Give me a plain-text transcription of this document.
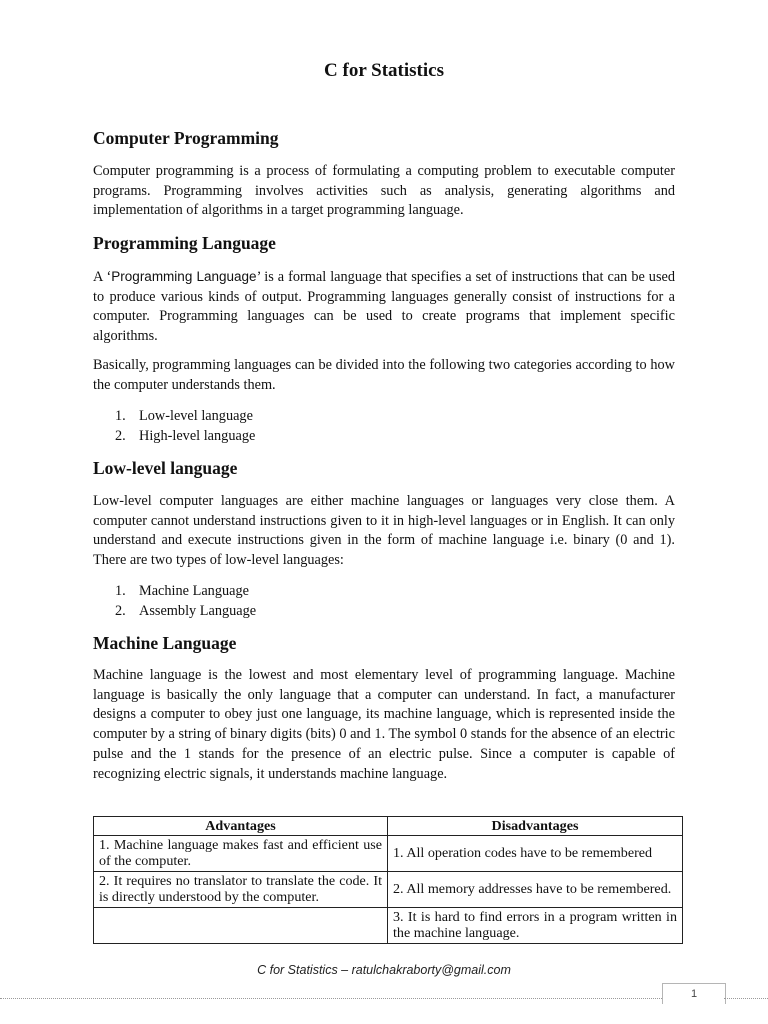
C for Statistics
Computer Programming

Computer programming is a process of formulating a computing problem to executable computer programs. Programming involves activities such as analysis, generating algorithms and implementation of algorithms in a target programming language.

Programming Language

A ‘Programming Language’ is a formal language that specifies a set of instructions that can be used to produce various kinds of output. Programming languages generally consist of instructions for a computer. Programming languages can be used to create programs that implement specific algorithms.

Basically, programming languages can be divided into the following two categories according to how the computer understands them.

1. Low-level language
2. High-level language
Low-level language

Low-level computer languages are either machine languages or languages very close them. A computer cannot understand instructions given to it in high-level languages or in English. It can only understand and execute instructions given in the form of machine language i.e. binary (0 and 1). There are two types of low-level languages:

1. Machine Language
2. Assembly Language
Machine Language

Machine language is the lowest and most elementary level of programming language. Machine language is basically the only language that a computer can understand. In fact, a manufacturer designs a computer to obey just one language, its machine language, which is represented inside the computer by a string of binary digits (bits) 0 and 1. The symbol 0 stands for the absence of an electric pulse and the 1 stands for the presence of an electric pulse. Since a computer is capable of recognizing electric signals, it understands machine language.

Advantages	Disadvantages
1. Machine language makes fast and efficient use of the computer.	1. All operation codes have to be remembered
2. It requires no translator to translate the code. It is directly understood by the computer.	2. All memory addresses have to be remembered.
	3. It is hard to find errors in a program written in the machine language.
C for Statistics – ratulchakraborty@gmail.com
1
